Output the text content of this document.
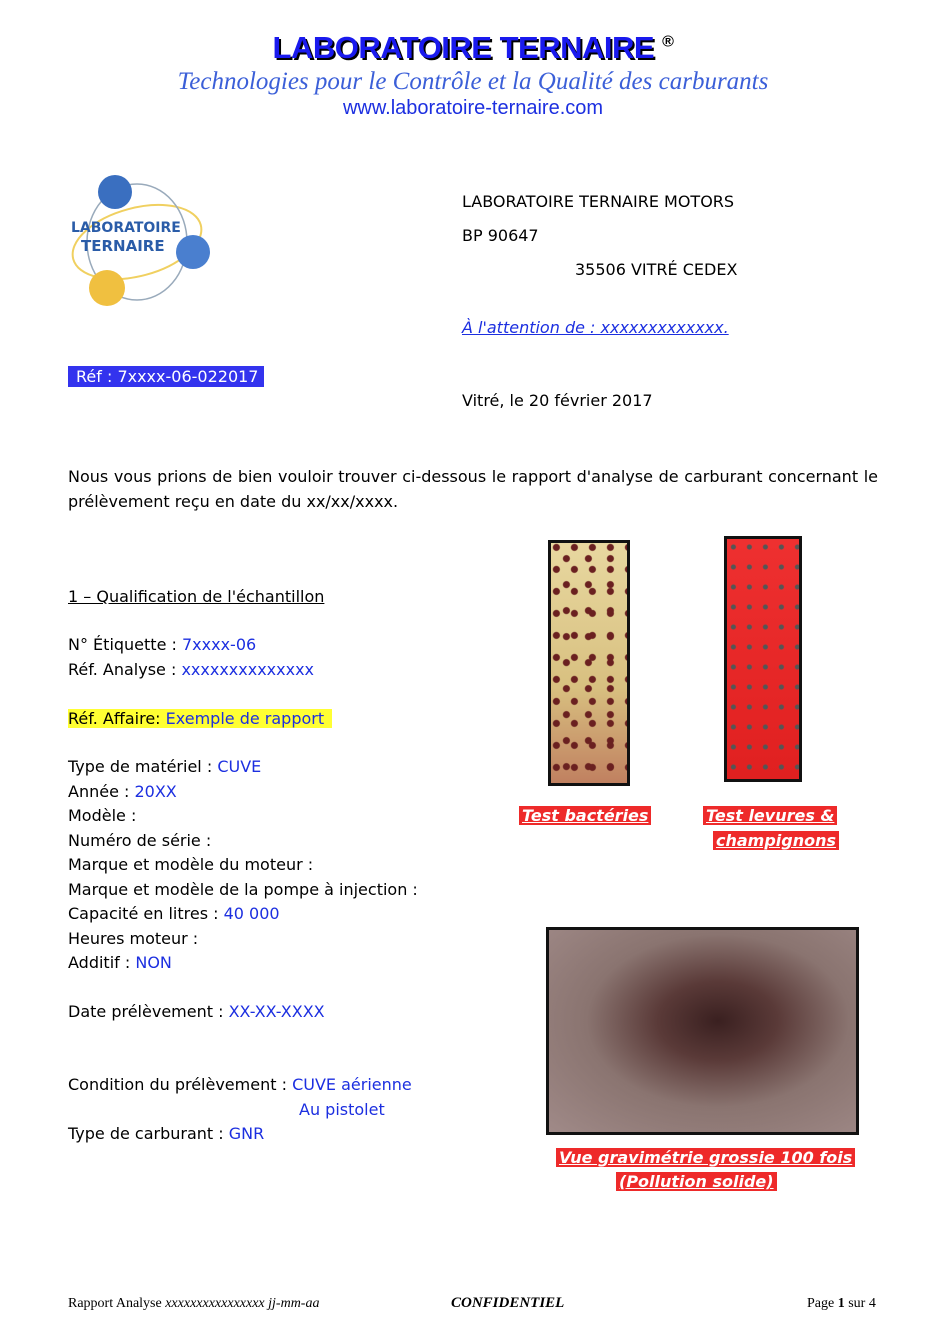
LABORATOIRE TERNAIRE ®
Technologies pour le Contrôle et la Qualité des carburants
www.laboratoire-ternaire.com
LABORATOIRE
TERNAIRE
LABORATOIRE TERNAIRE MOTORS
BP 90647
35506 VITRÉ CEDEX
À l'attention de : xxxxxxxxxxxxx.
Réf : 7xxxx-06-022017
Vitré, le 20 février 2017
Nous vous prions de bien vouloir trouver ci-dessous le rapport d'analyse de carburant concernant le prélèvement reçu en date du xx/xx/xxxx.
1 – Qualification de l'échantillon
N° Étiquette : 7xxxx-06
Réf. Analyse : xxxxxxxxxxxxxx
Réf. Affaire: Exemple de rapport
Type de matériel : CUVE
Année : 20XX
Modèle :
Numéro de série :
Marque et modèle du moteur :
Marque et modèle de la pompe à injection :
Capacité en litres : 40 000
Heures moteur :
Additif : NON
Date prélèvement : XX-XX-XXXX
Condition du prélèvement : CUVE aérienne
Au pistolet
Type de carburant : GNR
Test bactéries	Test levures &
champignons
Vue gravimétrie grossie 100 fois
(Pollution solide)
Rapport Analyse xxxxxxxxxxxxxxxx jj-mm-aa	CONFIDENTIEL	Page 1 sur 4
